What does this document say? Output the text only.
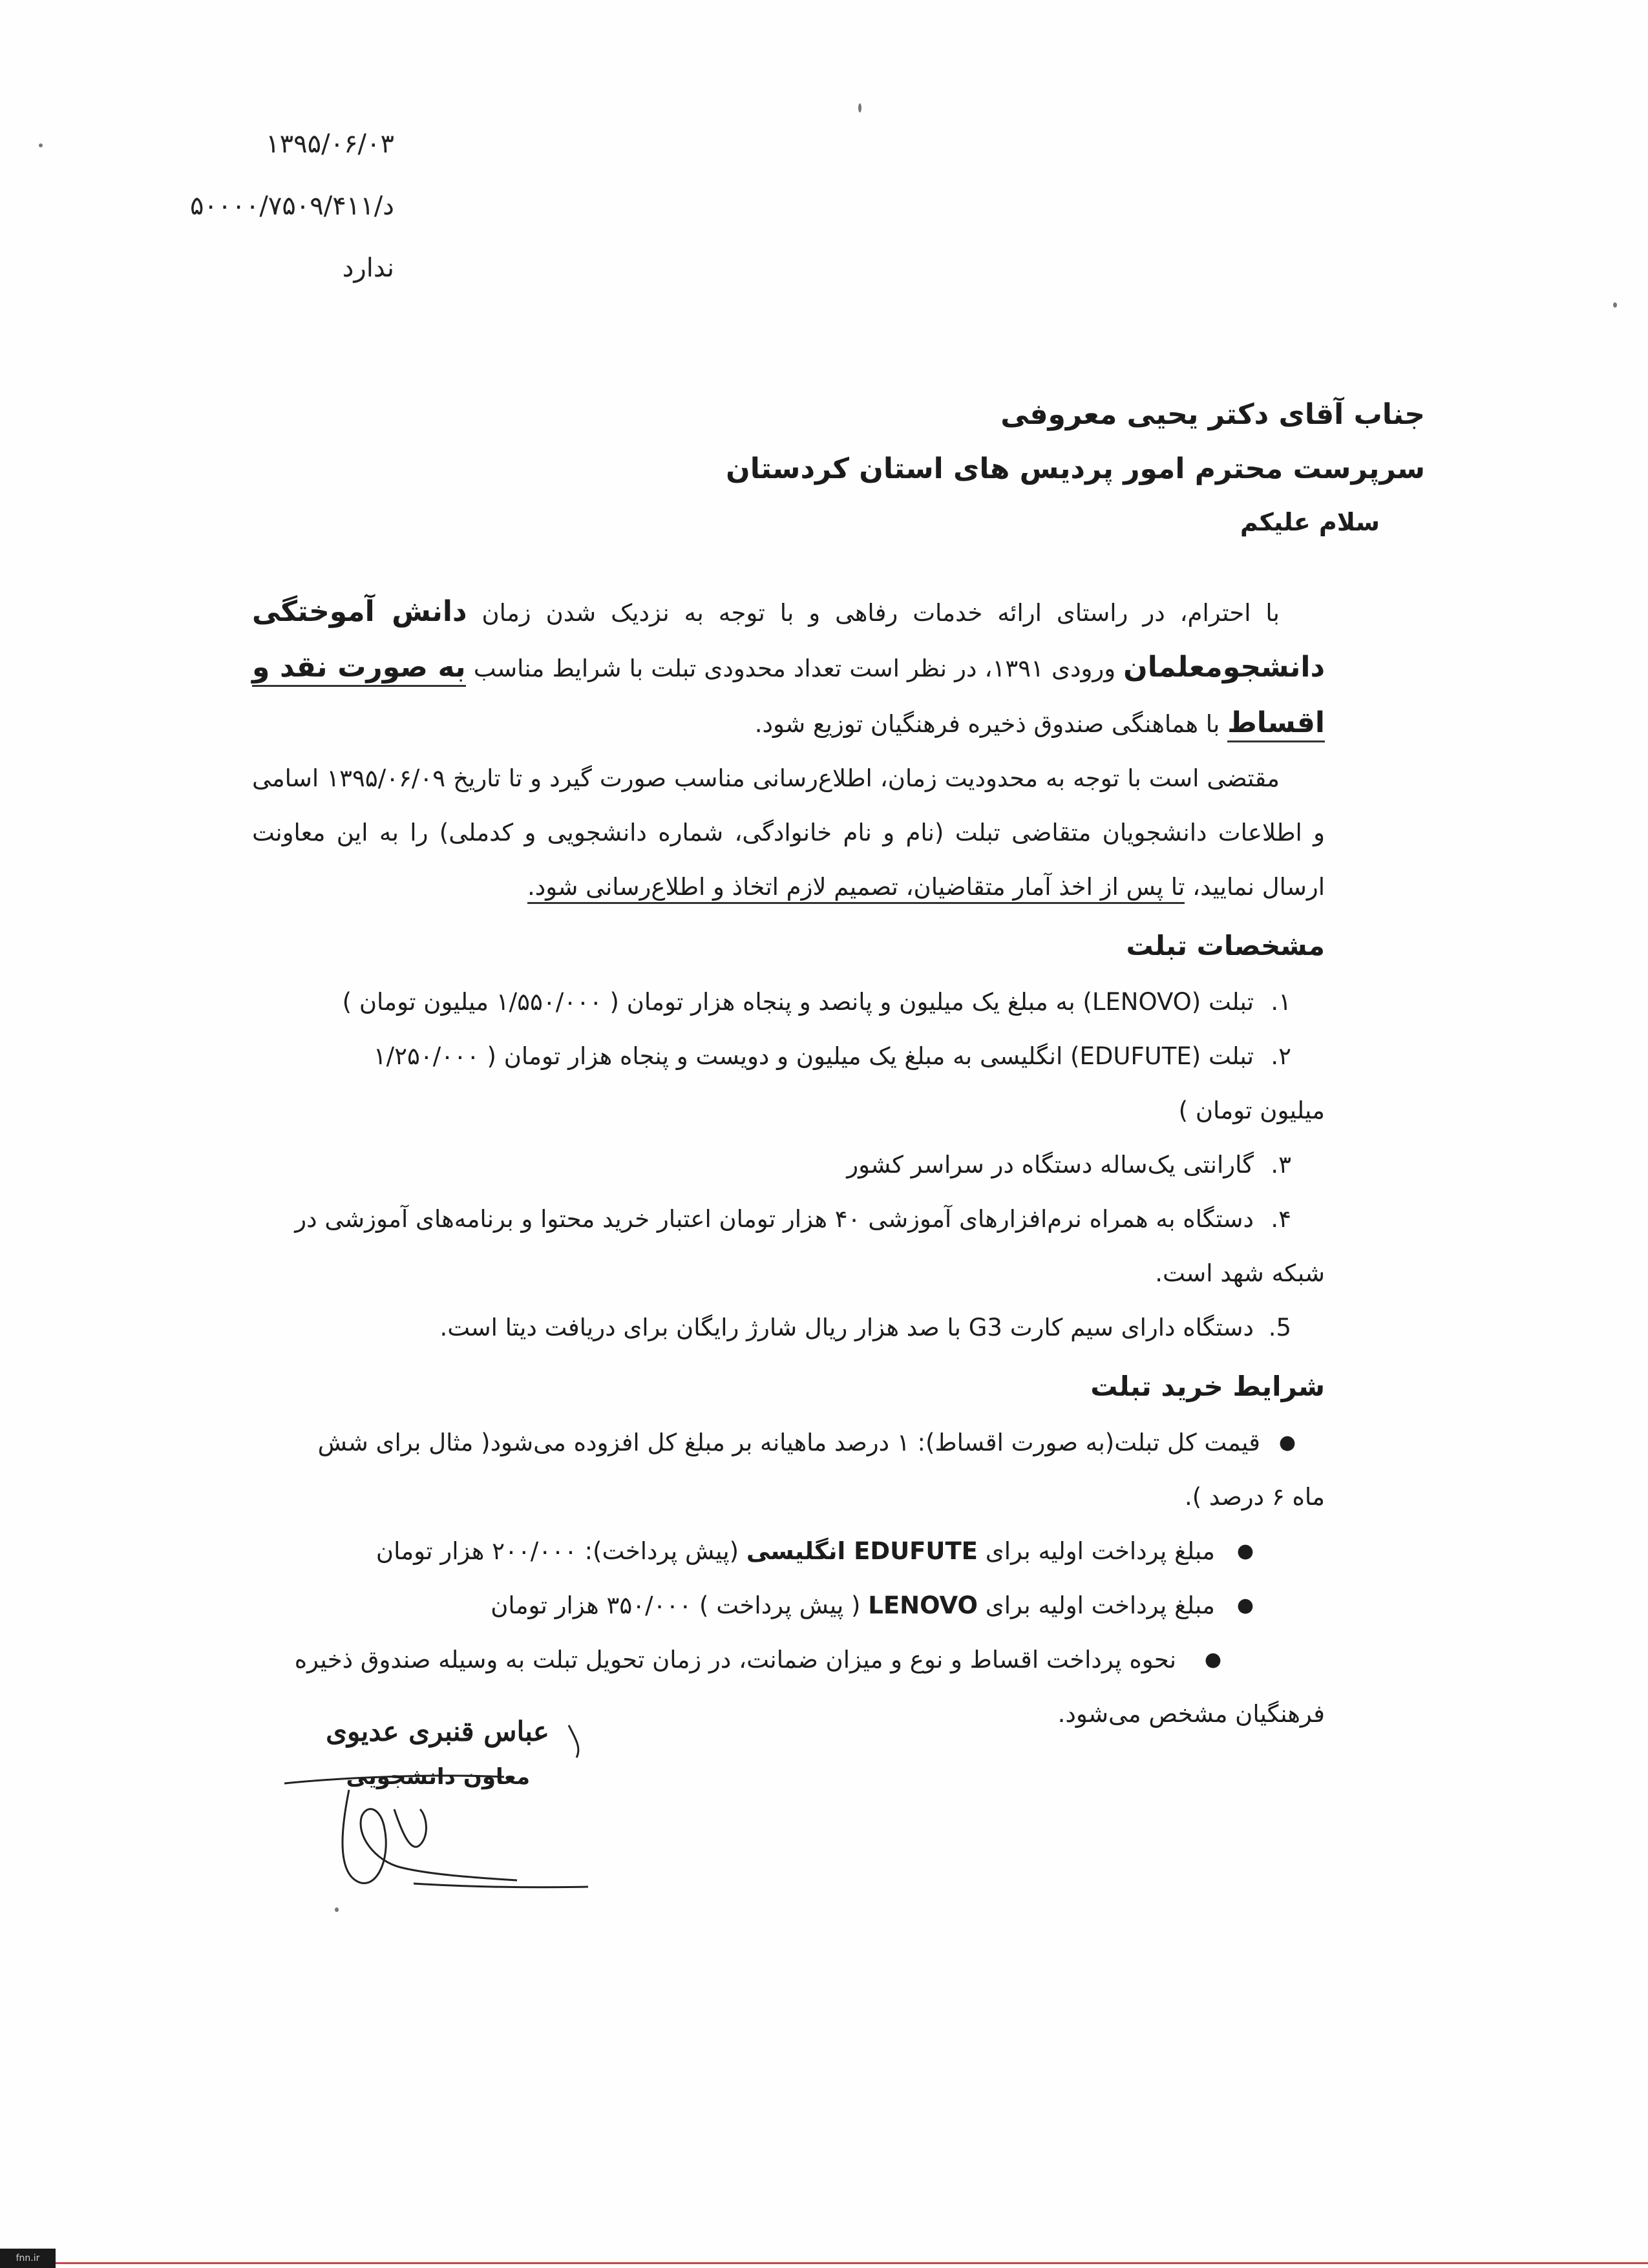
۱۳۹۵/۰۶/۰۳
د/۵۰۰۰۰/۷۵۰۹/۴۱۱
ندارد
جناب آقای دکتر یحیی معروفی
سرپرست محترم امور پردیس های استان کردستان
سلام علیکم

با احترام، در راستای ارائه خدمات رفاهی و با توجه به نزدیک شدن زمان دانش آموختگی دانشجومعلمان ورودی ۱۳۹۱، در نظر است تعداد محدودی تبلت با شرایط مناسب به صورت نقد و اقساط با هماهنگی صندوق ذخیره فرهنگیان توزیع شود.

مقتضی است با توجه به محدودیت زمان، اطلاع‌رسانی مناسب صورت گیرد و تا تاریخ ۱۳۹۵/۰۶/۰۹ اسامی و اطلاعات دانشجویان متقاضی تبلت (نام و نام خانوادگی، شماره دانشجویی و کدملی) را به این معاونت ارسال نمایید، تا پس از اخذ آمار متقاضیان، تصمیم لازم اتخاذ و اطلاع‌رسانی شود.

مشخصات تبلت
۱.
تبلت (LENOVO) به مبلغ یک میلیون و پانصد و پنجاه هزار تومان ( ۱/۵۵۰/۰۰۰ میلیون تومان )
۲.
تبلت (EDUFUTE) انگلیسی به مبلغ یک میلیون و دویست و پنجاه هزار تومان ( ۱/۲۵۰/۰۰۰
میلیون تومان )
۳.
گارانتی یک‌ساله دستگاه در سراسر کشور
۴.
دستگاه به همراه نرم‌افزارهای آموزشی ۴۰ هزار تومان اعتبار خرید محتوا و برنامه‌های آموزشی در
شبکه شهد است.
5.
دستگاه دارای سیم کارت G3 با صد هزار ریال شارژ رایگان برای دریافت دیتا است.
شرایط خرید تبلت
●
قیمت کل تبلت(به صورت اقساط): ۱ درصد ماهیانه بر مبلغ کل افزوده می‌شود( مثال برای شش
ماه ۶ درصد ).
●
مبلغ پرداخت اولیه برای EDUFUTE انگلیسی (پیش پرداخت): ۲۰۰/۰۰۰ هزار تومان
●
مبلغ پرداخت اولیه برای LENOVO ( پیش پرداخت ) ۳۵۰/۰۰۰ هزار تومان
●
نحوه پرداخت اقساط و نوع و میزان ضمانت، در زمان تحویل تبلت به وسیله صندوق ذخیره
فرهنگیان مشخص می‌شود.
عباس قنبری عدیوی
معاون دانشجویی
fnn.ir
